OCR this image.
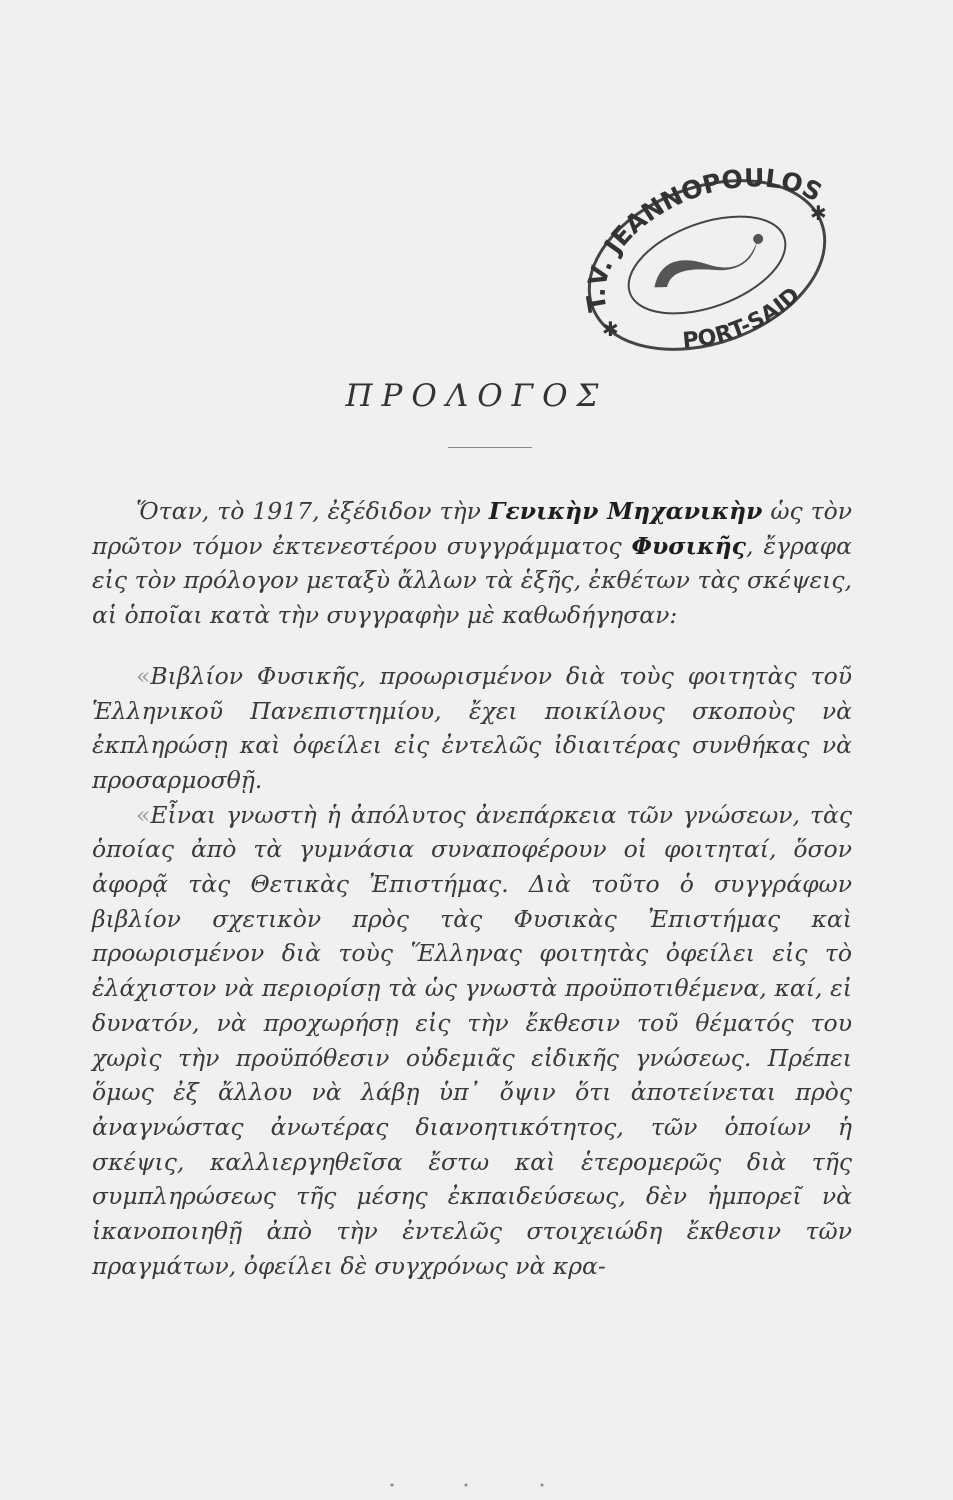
T.V. JEANNOPOULOS
PORT-SAID
✱
✱
ΠΡΟΛΟΓΟΣ

Ὅταν, τὸ 1917, ἐξέδιδον τὴν Γενικὴν Μηχανικὴν ὡς τὸν πρῶτον τόμον ἐκτενεστέρου συγγράμματος Φυσικῆς, ἔγραφα εἰς τὸν πρόλογον μεταξὺ ἄλλων τὰ ἑξῆς, ἐκθέτων τὰς σκέψεις, αἱ ὁποῖαι κατὰ τὴν συγγραφὴν μὲ καθωδήγησαν:

«Βιβλίον Φυσικῆς, προωρισμένον διὰ τοὺς φοιτητὰς τοῦ Ἑλληνικοῦ Πανεπιστημίου, ἔχει ποικίλους σκοποὺς νὰ ἐκπληρώσῃ καὶ ὀφείλει εἰς ἐντελῶς ἰδιαιτέρας συνθήκας νὰ προσαρμοσθῇ.

«Εἶναι γνωστὴ ἡ ἀπόλυτος ἀνεπάρκεια τῶν γνώσεων, τὰς ὁποίας ἀπὸ τὰ γυμνάσια συναποφέρουν οἱ φοιτηταί, ὅσον ἀφορᾷ τὰς Θετικὰς Ἐπιστήμας. Διὰ τοῦτο ὁ συγγράφων βιβλίον σχετικὸν πρὸς τὰς Φυσικὰς Ἐπιστήμας καὶ προωρισμένον διὰ τοὺς Ἕλληνας φοιτητὰς ὀφείλει εἰς τὸ ἐλάχιστον νὰ περιορίσῃ τὰ ὡς γνωστὰ προϋποτιθέμενα, καί, εἰ δυνατόν, νὰ προχωρήσῃ εἰς τὴν ἔκθεσιν τοῦ θέματός του χωρὶς τὴν προϋπόθεσιν οὐδεμιᾶς εἰδικῆς γνώσεως. Πρέπει ὅμως ἐξ ἄλλου νὰ λάβῃ ὑπ᾿ ὄψιν ὅτι ἀποτείνεται πρὸς ἀναγνώστας ἀνωτέρας διανοητικότητος, τῶν ὁποίων ἡ σκέψις, καλλιεργηθεῖσα ἔστω καὶ ἑτερομερῶς διὰ τῆς συμπληρώσεως τῆς μέσης ἐκπαιδεύσεως, δὲν ἠμπορεῖ νὰ ἱκανοποιηθῇ ἀπὸ τὴν ἐντελῶς στοιχειώδη ἔκθεσιν τῶν πραγμάτων, ὀφείλει δὲ συγχρόνως νὰ κρα-
